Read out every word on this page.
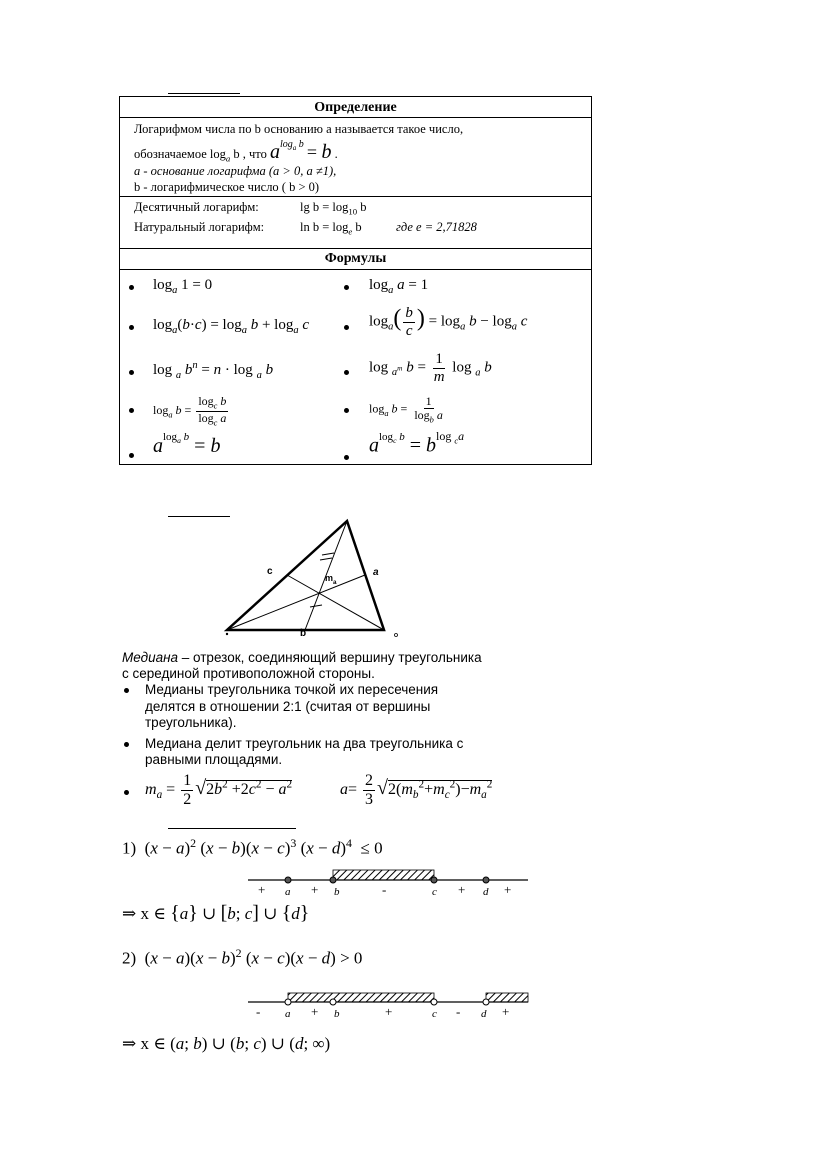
Определение
Логарифмом числа по b основанию a называется такое число,
обозначаемое $\log_a b$ , что $a^{log_a b} = b$ .
a - основание логарифма (a > 0, a ≠1),
b - логарифмическое число ( b > 0)
Десятичный логарифм:	$\lg b = \log_{10} b$
Натуральный логарифм:	$\ln b = \log_e b$	где e = 2,71828
Формулы
$\log_a 1 = 0$	$\log_a a = 1$
$\log_a(b\cdot c) = \log_a b + \log_a c$	$\log_a( \frac{b}{c}$ ) = $\log_a b - \log_a c$
log $_a$ $b^n = n \cdot \log _a$ b	log $_{a^m}$ $b = \frac{1}{m}$ log $_a$ b
$\log_a b = \frac{\log_c b}{\log_c a}$	$\log_a b = \frac{1}{\log_b a}$
$a^{log_a b} = b$	$a^{log_c b} = b^{log _ca}$
c	a
b
$m_a$
Медиана – отрезок, соединяющий вершину треугольника
с серединой противоположной стороны.
Медианы треугольника точкой их пересечения
делятся в отношении 2:1 (считая от вершины
треугольника).
Медиана делит треугольник на два треугольника с
равными площадями.
$m_a = \frac{1}{2} √2b^2 +2c^2 - a^2$	$a= \frac{2}{3} √2(m_b^2+m_c^2)-m_a^2$
1)  $(x - a)^2$ $(x - b)(x - c)^3$ $(x - d)^4 \le 0$
+ a + b	-	c + d +
⇒ x ∈ {a} ∪ [b; c] ∪ {d}
2)  $(x - a)(x - b)^2$ (x − c)(x − d) > 0
- a + b	+	c - d +
⇒ x ∈ (a; b) ∪ (b; c) ∪ (d; ∞)
